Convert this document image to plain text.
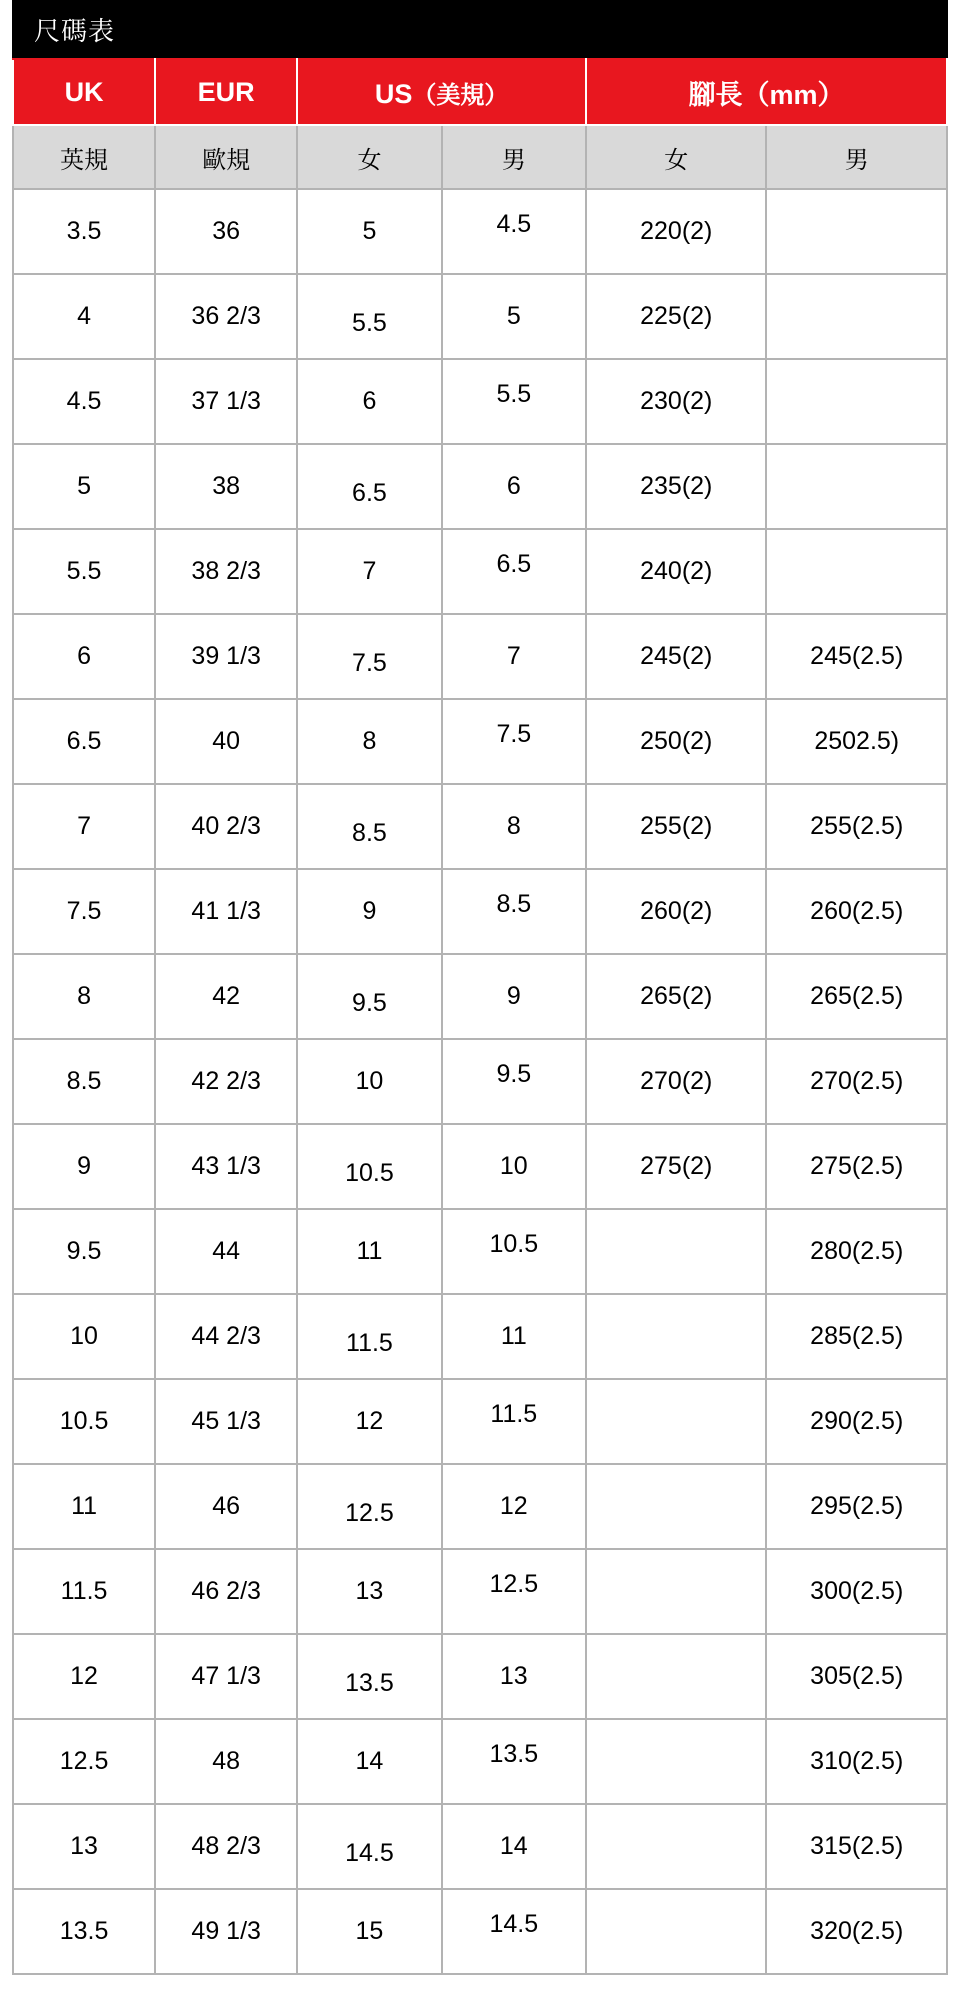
尺碼表
UK	EUR	US（美規）		腳長（mm）	
英規	歐規	女	男	女	男

3.5	36	5	4.5	220(2)	

4	36 2/3	5.5	5	225(2)	

4.5	37 1/3	6	5.5	230(2)	

5	38	6.5	6	235(2)	

5.5	38 2/3	7	6.5	240(2)	

6	39 1/3	7.5	7	245(2)	245(2.5)

6.5	40	8	7.5	250(2)	2502.5)

7	40 2/3	8.5	8	255(2)	255(2.5)

7.5	41 1/3	9	8.5	260(2)	260(2.5)

8	42	9.5	9	265(2)	265(2.5)

8.5	42 2/3	10	9.5	270(2)	270(2.5)

9	43 1/3	10.5	10	275(2)	275(2.5)

9.5	44	11	10.5		280(2.5)

10	44 2/3	11.5	11		285(2.5)

10.5	45 1/3	12	11.5		290(2.5)

11	46	12.5	12		295(2.5)

11.5	46 2/3	13	12.5		300(2.5)

12	47 1/3	13.5	13		305(2.5)

12.5	48	14	13.5		310(2.5)

13	48 2/3	14.5	14		315(2.5)

13.5	49 1/3	15	14.5		320(2.5)
